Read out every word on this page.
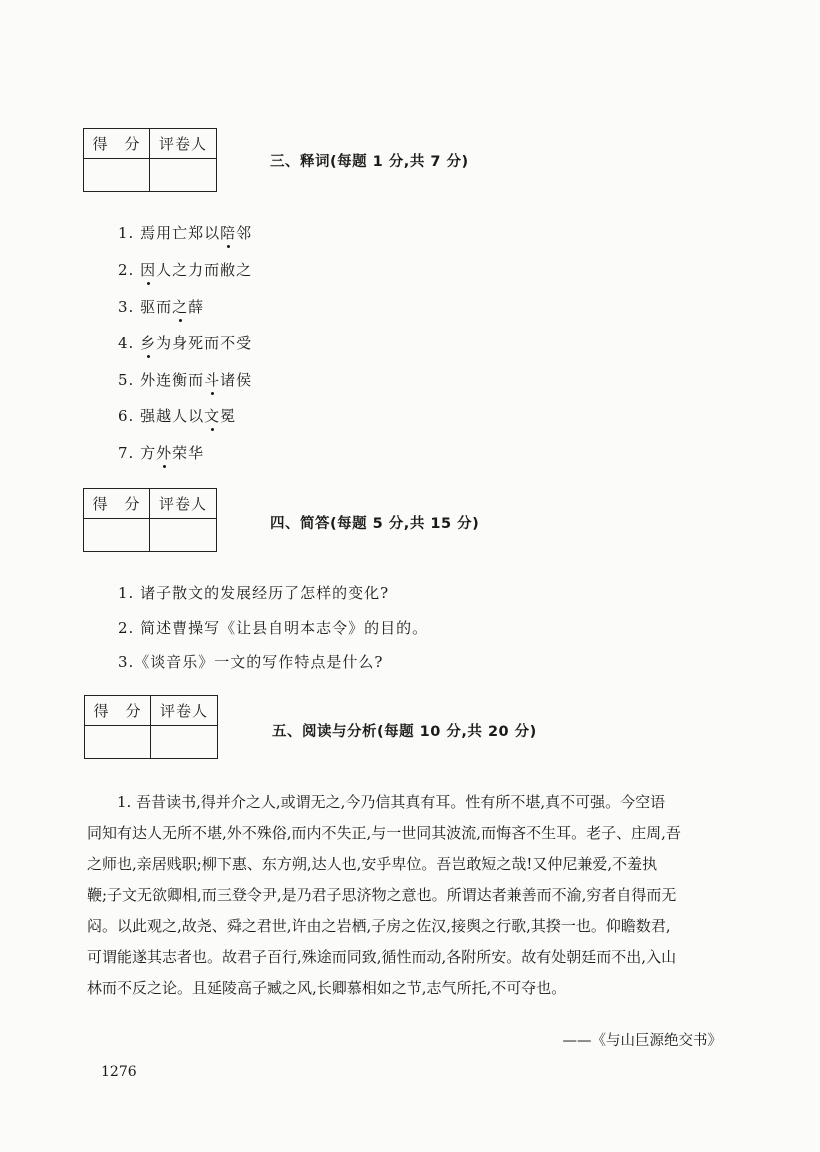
得　分	评卷人

三、释词(每题 1 分,共 7 分)
1. 焉用亡郑以陪邻
2. 因人之力而敝之
3. 驱而之薛
4. 乡为身死而不受
5. 外连衡而斗诸侯
6. 强越人以文冕
7. 方外荣华
得　分	评卷人

四、简答(每题 5 分,共 15 分)
1. 诸子散文的发展经历了怎样的变化?
2. 简述曹操写《让县自明本志令》的目的。
3.《谈音乐》一文的写作特点是什么?
得　分	评卷人

五、阅读与分析(每题 10 分,共 20 分)
　　1. 吾昔读书,得并介之人,或谓无之,今乃信其真有耳。性有所不堪,真不可强。今空语
同知有达人无所不堪,外不殊俗,而内不失正,与一世同其波流,而悔吝不生耳。老子、庄周,吾
之师也,亲居贱职;柳下惠、东方朔,达人也,安乎卑位。吾岂敢短之哉!又仲尼兼爱,不羞执
鞭;子文无欲卿相,而三登令尹,是乃君子思济物之意也。所谓达者兼善而不渝,穷者自得而无
闷。以此观之,故尧、舜之君世,许由之岩栖,子房之佐汉,接舆之行歌,其揆一也。仰瞻数君,
可谓能遂其志者也。故君子百行,殊途而同致,循性而动,各附所安。故有处朝廷而不出,入山
林而不反之论。且延陵高子臧之风,长卿慕相如之节,志气所托,不可夺也。
——《与山巨源绝交书》
1276
